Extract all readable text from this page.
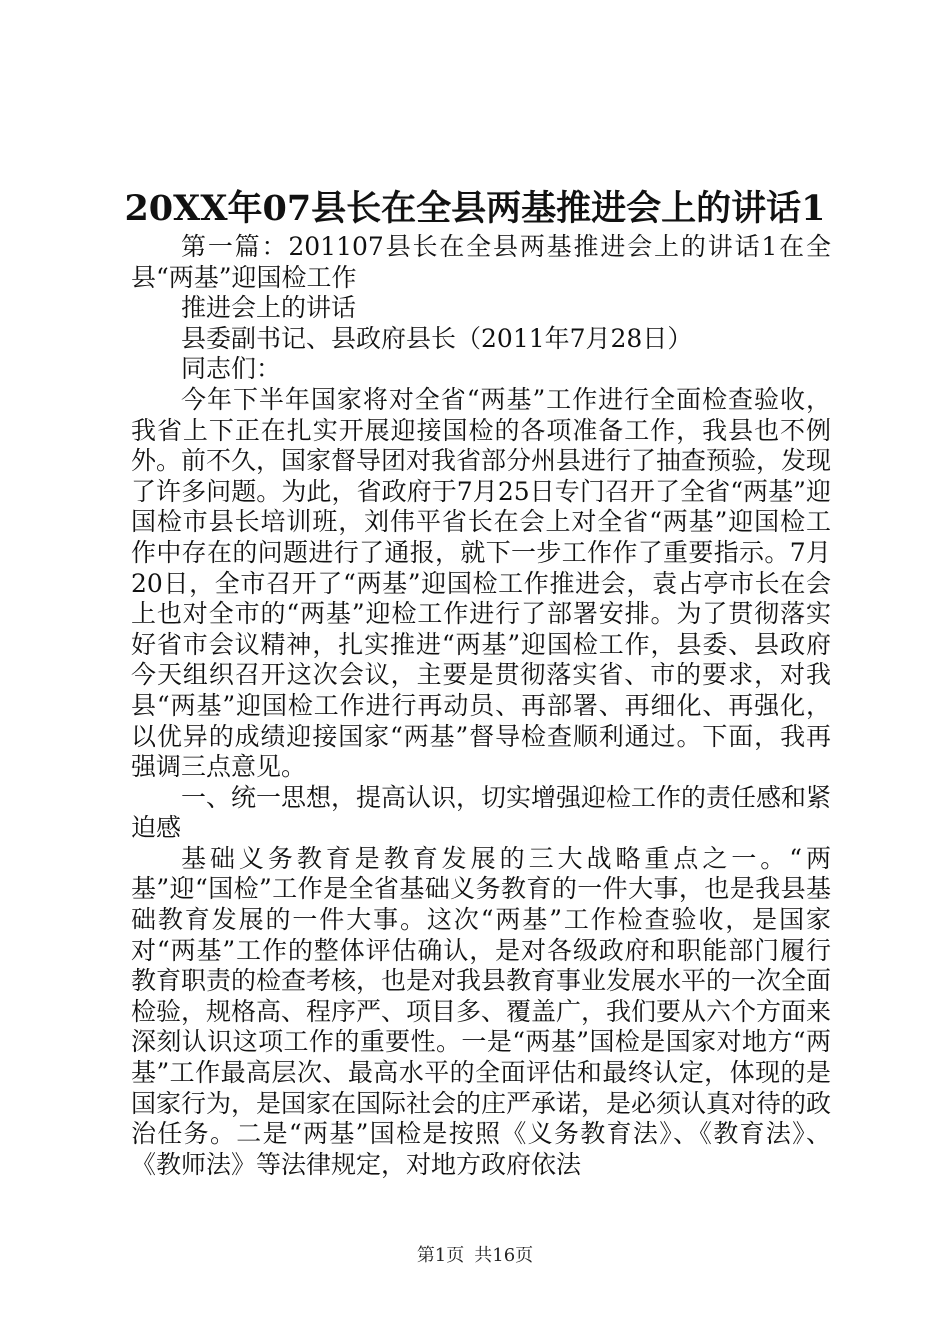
20XX年07县长在全县两基推进会上的讲话1

第一篇：201107县长在全县两基推进会上的讲话1在全县“两基”迎国检工作

推进会上的讲话

县委副书记、县政府县长（2011年7月28日）

同志们：

今年下半年国家将对全省“两基”工作进行全面检查验收，我省上下正在扎实开展迎接国检的各项准备工作，我县也不例外。前不久，国家督导团对我省部分州县进行了抽查预验，发现了许多问题。为此，省政府于7月25日专门召开了全省“两基”迎国检市县长培训班，刘伟平省长在会上对全省“两基”迎国检工作中存在的问题进行了通报，就下一步工作作了重要指示。7月20日，全市召开了“两基”迎国检工作推进会，袁占亭市长在会上也对全市的“两基”迎检工作进行了部署安排。为了贯彻落实好省市会议精神，扎实推进“两基”迎国检工作，县委、县政府今天组织召开这次会议，主要是贯彻落实省、市的要求，对我县“两基”迎国检工作进行再动员、再部署、再细化、再强化，以优异的成绩迎接国家“两基”督导检查顺利通过。下面，我再强调三点意见。

一、统一思想，提高认识，切实增强迎检工作的责任感和紧迫感

基础义务教育是教育发展的三大战略重点之一。“两基”迎“国检”工作是全省基础义务教育的一件大事，也是我县基础教育发展的一件大事。这次“两基”工作检查验收，是国家对“两基”工作的整体评估确认，是对各级政府和职能部门履行教育职责的检查考核，也是对我县教育事业发展水平的一次全面检验，规格高、程序严、项目多、覆盖广，我们要从六个方面来深刻认识这项工作的重要性。一是“两基”国检是国家对地方“两基”工作最高层次、最高水平的全面评估和最终认定，体现的是国家行为，是国家在国际社会的庄严承诺，是必须认真对待的政治任务。二是“两基”国检是按照《义务教育法》、《教育法》、《教师法》等法律规定，对地方政府依法

第1页 共16页
